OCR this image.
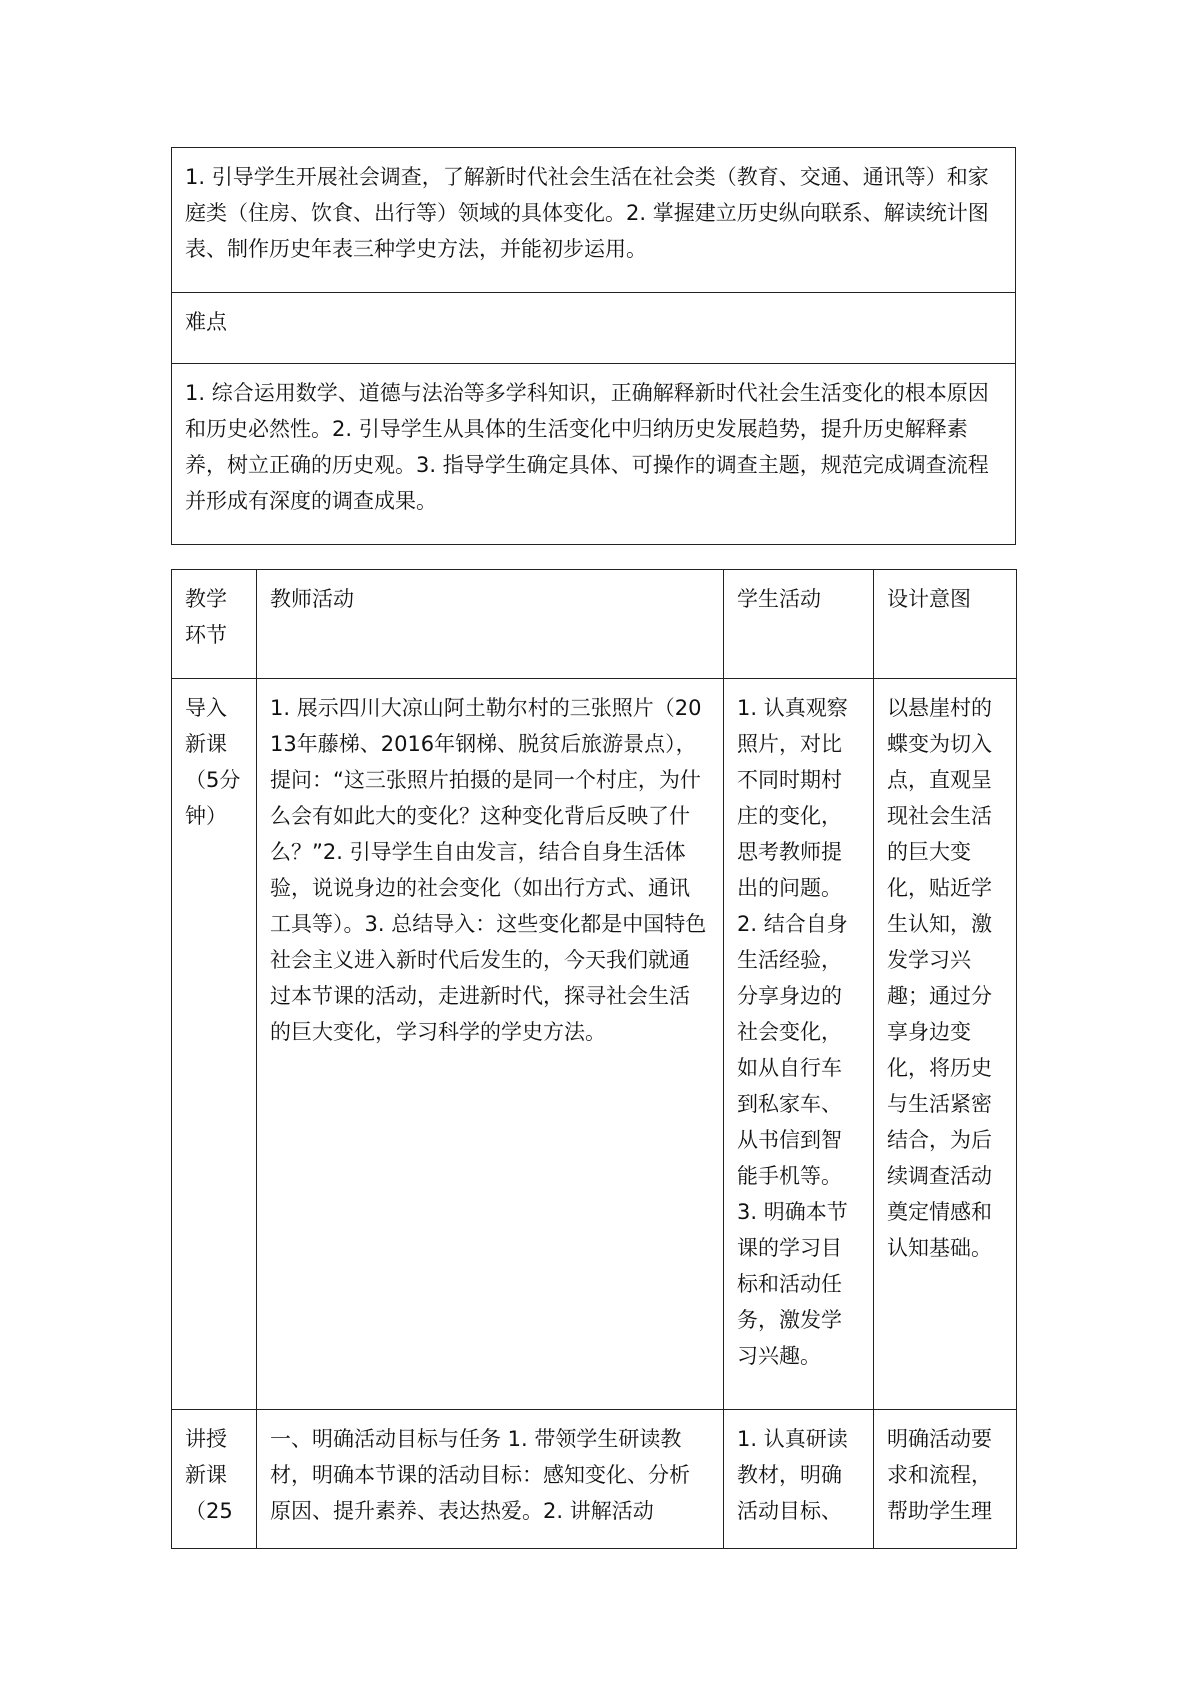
1. 引导学生开展社会调查，了解新时代社会生活在社会类（教育、交通、通讯等）和家庭类（住房、饮食、出行等）领域的具体变化。2. 掌握建立历史纵向联系、解读统计图表、制作历史年表三种学史方法，并能初步运用。
难点
1. 综合运用数学、道德与法治等多学科知识，正确解释新时代社会生活变化的根本原因和历史必然性。2. 引导学生从具体的生活变化中归纳历史发展趋势，提升历史解释素养，树立正确的历史观。3. 指导学生确定具体、可操作的调查主题，规范完成调查流程并形成有深度的调查成果。
教学环节	教师活动	学生活动	设计意图
导入新课（5分钟）	1. 展示四川大凉山阿土勒尔村的三张照片（2013年藤梯、2016年钢梯、脱贫后旅游景点），提问：“这三张照片拍摄的是同一个村庄，为什么会有如此大的变化？这种变化背后反映了什么？”2. 引导学生自由发言，结合自身生活体验，说说身边的社会变化（如出行方式、通讯工具等）。3. 总结导入：这些变化都是中国特色社会主义进入新时代后发生的，今天我们就通过本节课的活动，走进新时代，探寻社会生活的巨大变化，学习科学的学史方法。	1. 认真观察照片，对比不同时期村庄的变化，思考教师提出的问题。2. 结合自身生活经验，分享身边的社会变化，如从自行车到私家车、从书信到智能手机等。3. 明确本节课的学习目标和活动任务，激发学习兴趣。	以悬崖村的蝶变为切入点，直观呈现社会生活的巨大变化，贴近学生认知，激发学习兴趣；通过分享身边变化，将历史与生活紧密结合，为后续调查活动奠定情感和认知基础。
讲授新课（25	一、明确活动目标与任务 1. 带领学生研读教材，明确本节课的活动目标：感知变化、分析原因、提升素养、表达热爱。2. 讲解活动	1. 认真研读教材，明确活动目标、	明确活动要求和流程，帮助学生理
